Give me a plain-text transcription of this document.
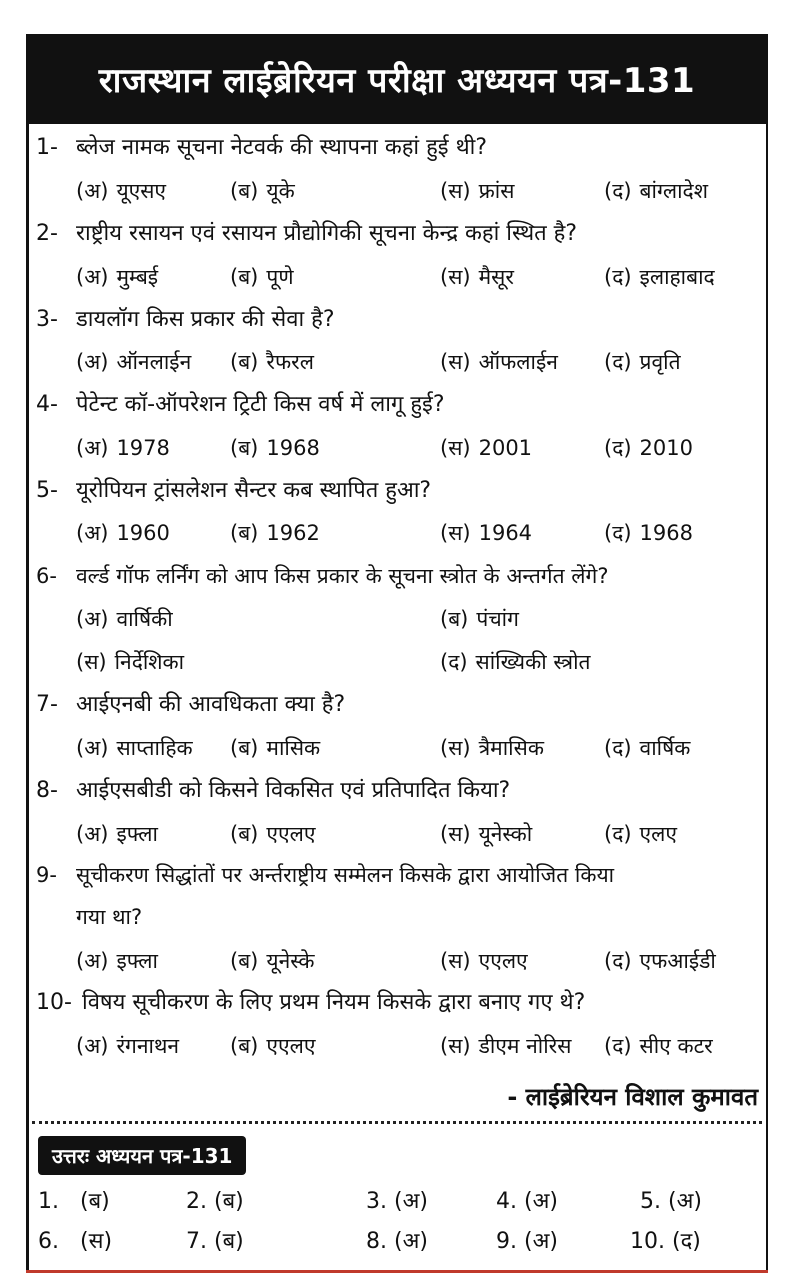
राजस्थान लाईब्रेरियन परीक्षा अध्ययन पत्र-131
1- ब्लेज नामक सूचना नेटवर्क की स्थापना कहां हुई थी?
(अ) यूएसए	(ब) यूके	(स) फ्रांस	(द) बांग्लादेश
2- राष्ट्रीय रसायन एवं रसायन प्रौद्योगिकी सूचना केन्द्र कहां स्थित है?
(अ) मुम्बई	(ब) पूणे	(स) मैसूर	(द) इलाहाबाद
3- डायलॉग किस प्रकार की सेवा है?
(अ) ऑनलाईन (ब) रैफरल	(स) ऑफलाईन (द) प्रवृति
4- पेटेन्ट कॉ-ऑपरेशन ट्रिटी किस वर्ष में लागू हुई?
(अ) 1978	(ब) 1968	(स) 2001	(द) 2010
5- यूरोपियन ट्रांसलेशन सैन्टर कब स्थापित हुआ?
(अ) 1960	(ब) 1962	(स) 1964	(द) 1968
6- वर्ल्ड गॉफ लर्निंग को आप किस प्रकार के सूचना स्त्रोत के अन्तर्गत लेंगे?
(अ) वार्षिकी	(ब) पंचांग
(स) निर्देशिका	(द) सांख्यिकी स्त्रोत
7- आईएनबी की आवधिकता क्या है?
(अ) साप्ताहिक (ब) मासिक	(स) त्रैमासिक	(द) वार्षिक
8- आईएसबीडी को किसने विकसित एवं प्रतिपादित किया?
(अ) इफ्ला	(ब) एएलए	(स) यूनेस्को	(द) एलए
9- सूचीकरण सिद्धांतों पर अर्न्तराष्ट्रीय सम्मेलन किसके द्वारा आयोजित किया
गया था?
(अ) इफ्ला	(ब) यूनेस्के	(स) एएलए	(द) एफआईडी
10- विषय सूचीकरण के लिए प्रथम नियम किसके द्वारा बनाए गए थे?
(अ) रंगनाथन (ब) एएलए	(स) डीएम नोरिस (द) सीए कटर
- लाईब्रेरियन विशाल कुमावत
उत्तरः अध्ययन पत्र-131
1. (ब)	2. (ब)	3. (अ)	4. (अ)	5. (अ)
6. (स)	7. (ब)	8. (अ)	9. (अ)	10. (द)
